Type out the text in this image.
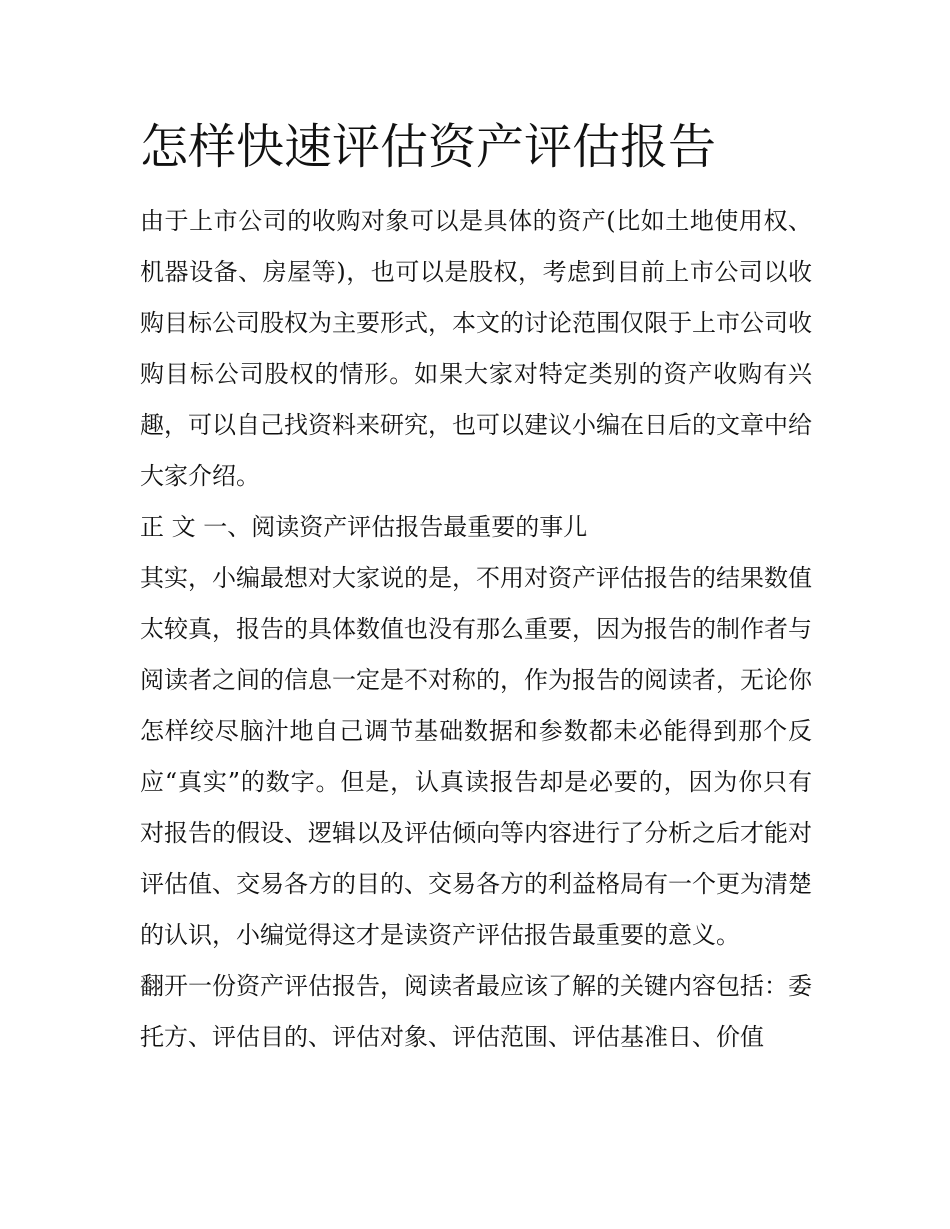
怎样快速评估资产评估报告

由于上市公司的收购对象可以是具体的资产(比如土地使用权、机器设备、房屋等)，也可以是股权，考虑到目前上市公司以收购目标公司股权为主要形式，本文的讨论范围仅限于上市公司收购目标公司股权的情形。如果大家对特定类别的资产收购有兴趣，可以自己找资料来研究，也可以建议小编在日后的文章中给大家介绍。

正 文 一、阅读资产评估报告最重要的事儿

其实，小编最想对大家说的是，不用对资产评估报告的结果数值太较真，报告的具体数值也没有那么重要，因为报告的制作者与阅读者之间的信息一定是不对称的，作为报告的阅读者，无论你怎样绞尽脑汁地自己调节基础数据和参数都未必能得到那个反应“真实”的数字。但是，认真读报告却是必要的，因为你只有对报告的假设、逻辑以及评估倾向等内容进行了分析之后才能对评估值、交易各方的目的、交易各方的利益格局有一个更为清楚的认识，小编觉得这才是读资产评估报告最重要的意义。

翻开一份资产评估报告，阅读者最应该了解的关键内容包括：委托方、评估目的、评估对象、评估范围、评估基准日、价值
